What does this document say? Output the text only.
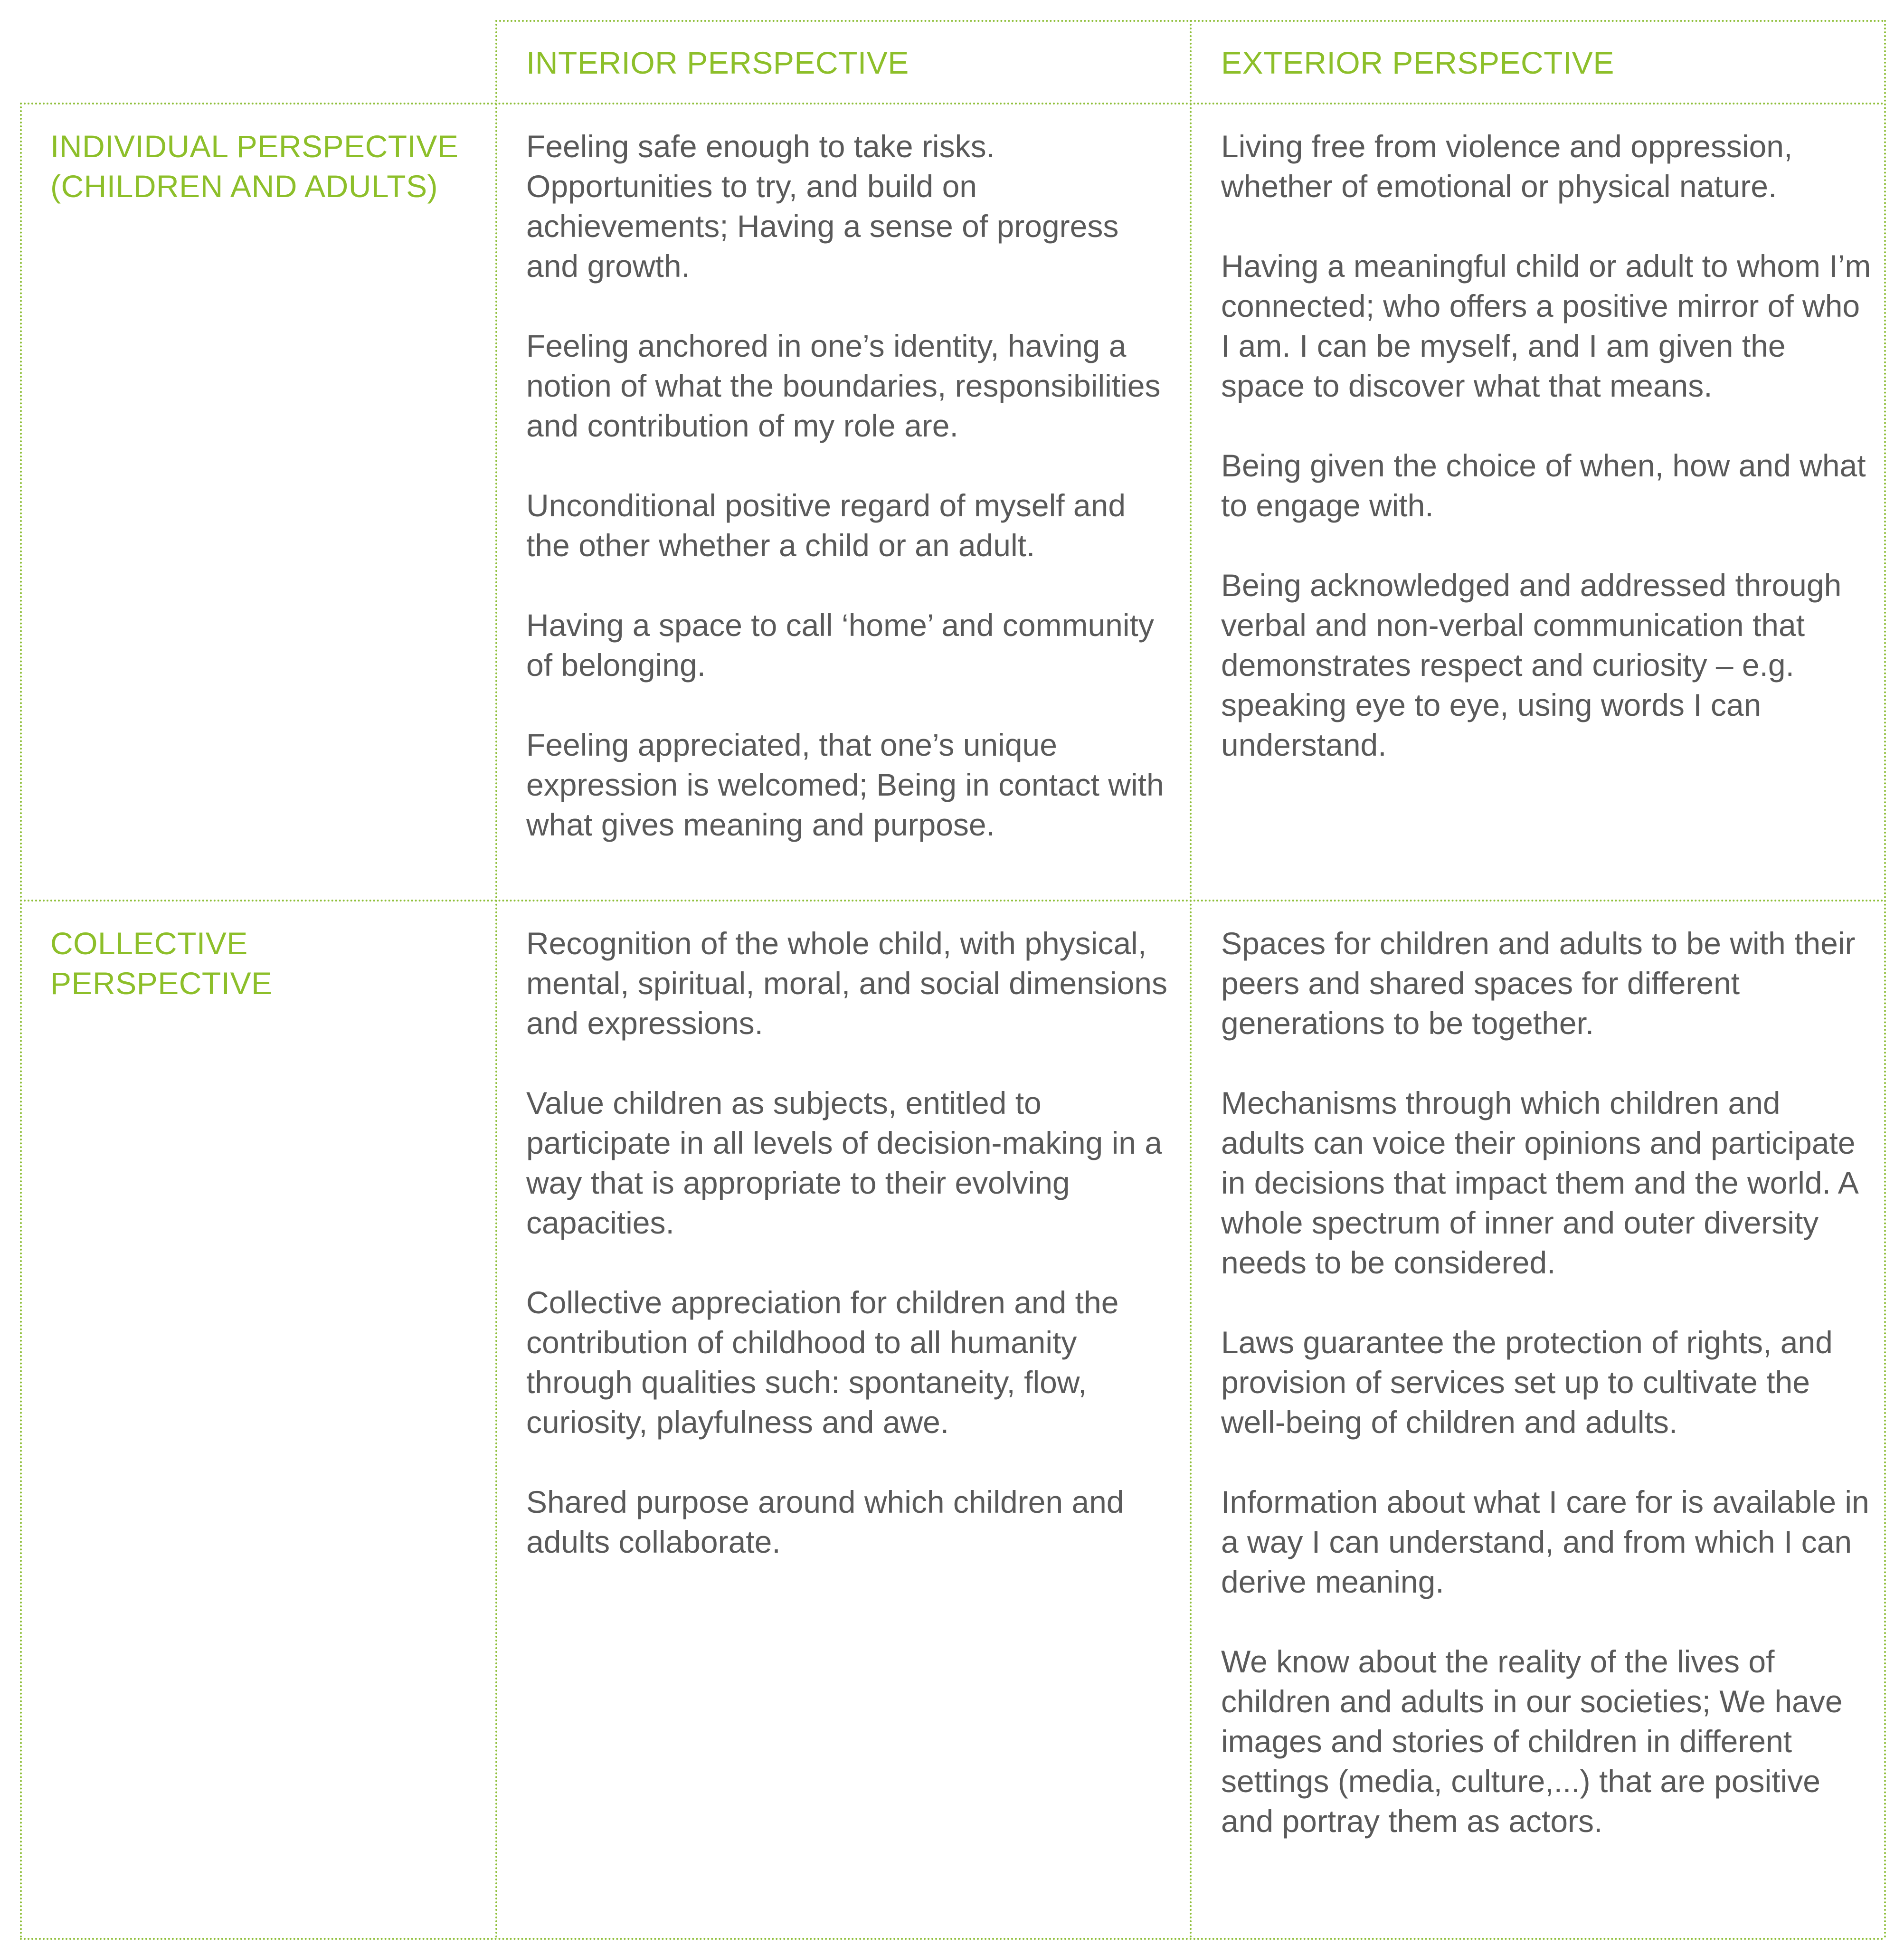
INTERIOR PERSPECTIVE	EXTERIOR PERSPECTIVE

INDIVIDUAL PERSPECTIVE

(CHILDREN AND ADULTS)

Feeling safe enough to take risks. Opportunities to try, and build on achievements; Having a sense of progress and growth.

Feeling anchored in one’s identity, having a notion of what the boundaries, responsibilities and contribution of my role are.

Unconditional positive regard of myself and the other whether a child or an adult.

Having a space to call ‘home’ and community of belonging.

Feeling appreciated, that one’s unique expression is welcomed; Being in contact with what gives meaning and purpose.

Living free from violence and oppression, whether of emotional or physical nature.

Having a meaningful child or adult to whom I’m connected; who offers a positive mirror of who I am. I can be myself, and I am given the space to discover what that means.

Being given the choice of when, how and what to engage with.

Being acknowledged and addressed through verbal and non-verbal communication that demonstrates respect and curiosity – e.g. speaking eye to eye, using words I can understand.

COLLECTIVE

PERSPECTIVE

Recognition of the whole child, with physical, mental, spiritual, moral, and social dimensions and expressions.

Value children as subjects, entitled to participate in all levels of decision-making in a way that is appropriate to their evolving capacities.

Collective appreciation for children and the contribution of childhood to all humanity through qualities such: spontaneity, flow, curiosity, playfulness and awe.

Shared purpose around which children and adults collaborate.

Spaces for children and adults to be with their peers and shared spaces for different generations to be together.

Mechanisms through which children and adults can voice their opinions and participate in decisions that impact them and the world. A whole spectrum of inner and outer diversity needs to be considered.

Laws guarantee the protection of rights, and provision of services set up to cultivate the well-being of children and adults.

Information about what I care for is available in a way I can understand, and from which I can derive meaning.

We know about the reality of the lives of children and adults in our societies; We have images and stories of children in different settings (media, culture,...) that are positive and portray them as actors.
